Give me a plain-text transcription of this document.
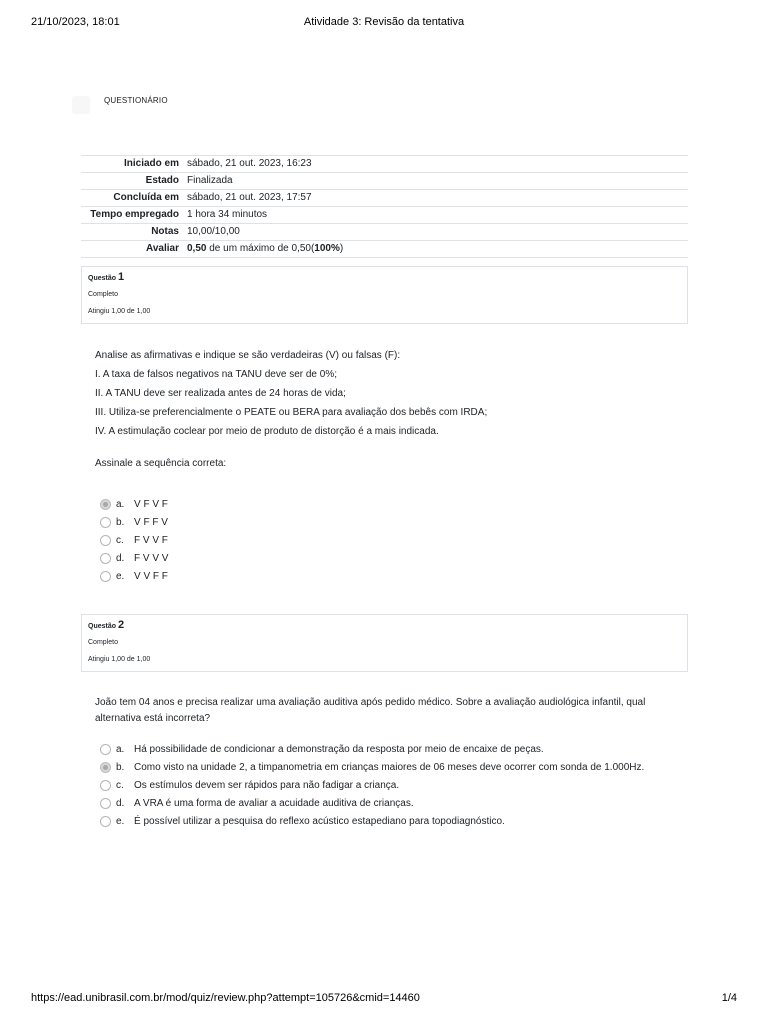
21/10/2023, 18:01	Atividade 3: Revisão da tentativa
QUESTIONÁRIO
Iniciado em	sábado, 21 out. 2023, 16:23
Estado	Finalizada
Concluída em	sábado, 21 out. 2023, 17:57
Tempo empregado	1 hora 34 minutos
Notas	10,00/10,00
Avaliar	0,50 de um máximo de 0,50(100%)
Questão 1
Completo
Atingiu 1,00 de 1,00

Analise as afirmativas e indique se são verdadeiras (V) ou falsas (F):

I. A taxa de falsos negativos na TANU deve ser de 0%;

II. A TANU deve ser realizada antes de 24 horas de vida;

III. Utiliza-se preferencialmente o PEATE ou BERA para avaliação dos bebês com IRDA;

IV. A estimulação coclear por meio de produto de distorção é a mais indicada.

Assinale a sequência correta:

a. V F V F
b. V F F V
c. F V V F
d. F V V V
e. V V F F
Questão 2
Completo
Atingiu 1,00 de 1,00

João tem 04 anos e precisa realizar uma avaliação auditiva após pedido médico. Sobre a avaliação audiológica infantil, qual alternativa está incorreta?

a. Há possibilidade de condicionar a demonstração da resposta por meio de encaixe de peças.
b. Como visto na unidade 2, a timpanometria em crianças maiores de 06 meses deve ocorrer com sonda de 1.000Hz.
c. Os estímulos devem ser rápidos para não fadigar a criança.
d. A VRA é uma forma de avaliar a acuidade auditiva de crianças.
e. É possível utilizar a pesquisa do reflexo acústico estapediano para topodiagnóstico.
https://ead.unibrasil.com.br/mod/quiz/review.php?attempt=105726&cmid=14460	1/4
